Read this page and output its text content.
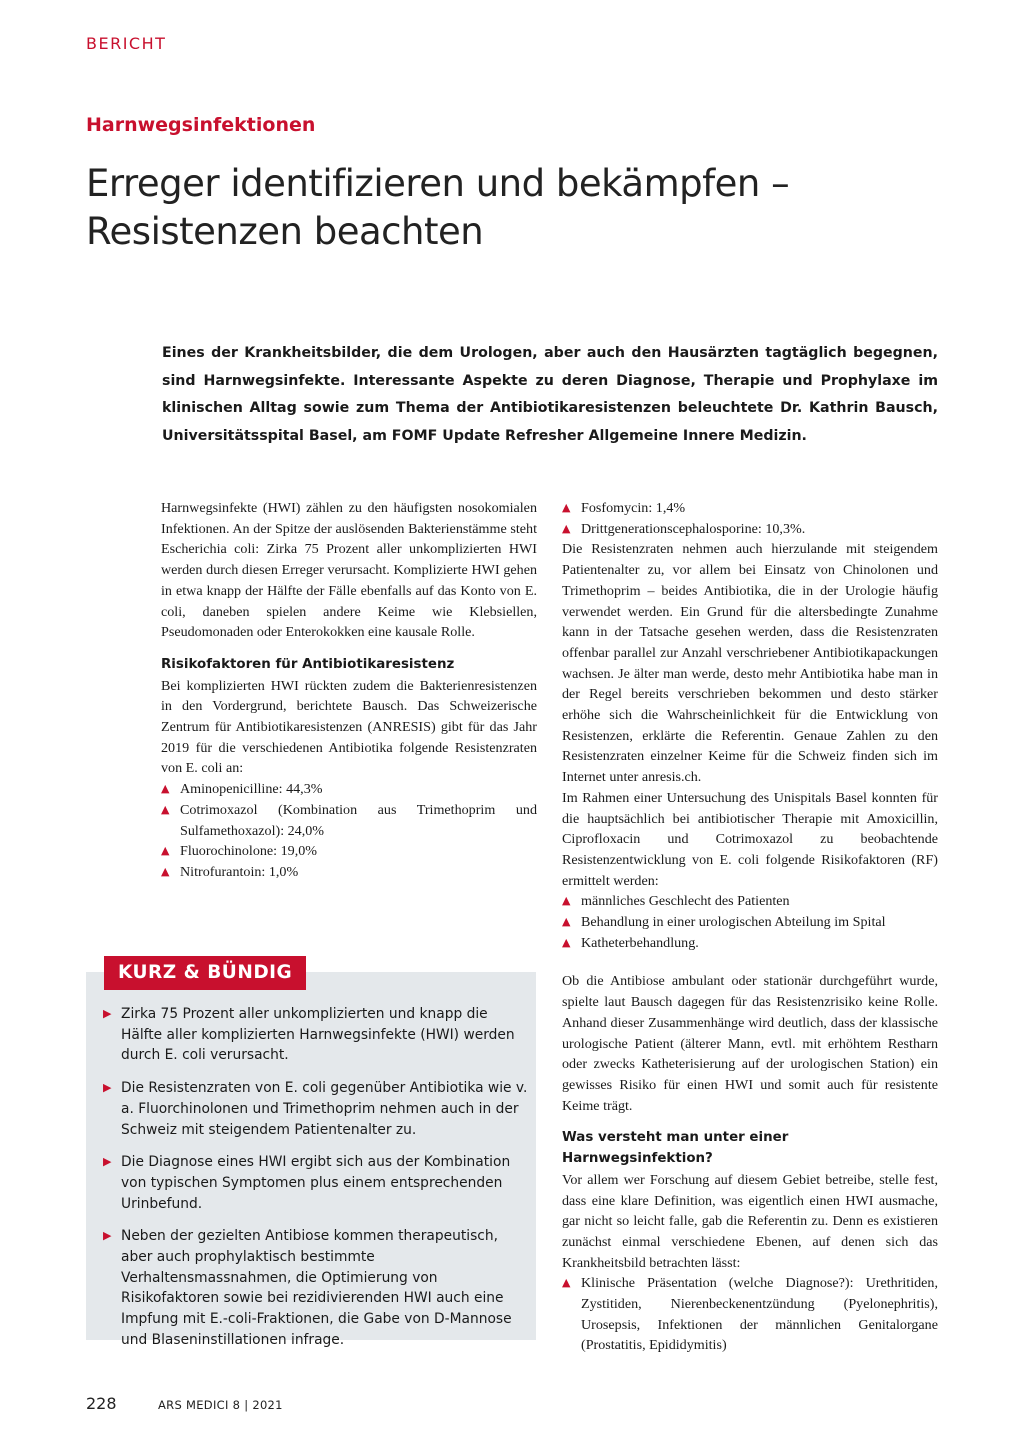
BERICHT
Harnwegsinfektionen
Erreger identifizieren und bekämpfen –
Resistenzen beachten

Eines der Krankheitsbilder, die dem Urologen, aber auch den Hausärzten tagtäglich begegnen, sind Harnwegsinfekte. Interessante Aspekte zu deren Diagnose, Therapie und Prophylaxe im klinischen Alltag sowie zum Thema der Antibiotikaresistenzen beleuchtete Dr. Kathrin Bausch, Universitätsspital Basel, am FOMF Update Refresher Allgemeine Innere Medizin.

Harnwegsinfekte (HWI) zählen zu den häufigsten nosokomialen Infektionen. An der Spitze der auslösenden Bakterienstämme steht Escherichia coli: Zirka 75 Prozent aller unkomplizierten HWI werden durch diesen Erreger verursacht. Komplizierte HWI gehen in etwa knapp der Hälfte der Fälle ebenfalls auf das Konto von E. coli, daneben spielen andere Keime wie Klebsiellen, Pseudomonaden oder Enterokokken eine kausale Rolle.

Risikofaktoren für Antibiotikaresistenz

Bei komplizierten HWI rückten zudem die Bakterienresistenzen in den Vordergrund, berichtete Bausch. Das Schweizerische Zentrum für Antibiotikaresistenzen (ANRESIS) gibt für das Jahr 2019 für die verschiedenen Antibiotika folgende Resistenzraten von E. coli an:

▲ Aminopenicilline: 44,3%
▲ Cotrimoxazol (Kombination aus Trimethoprim und Sulfamethoxazol): 24,0%
▲ Fluorochinolone: 19,0%
▲ Nitrofurantoin: 1,0%
▲ Fosfomycin: 1,4%
▲ Drittgenerationscephalosporine: 10,3%.

Die Resistenzraten nehmen auch hierzulande mit steigendem Patientenalter zu, vor allem bei Einsatz von Chinolonen und Trimethoprim – beides Antibiotika, die in der Urologie häufig verwendet werden. Ein Grund für die altersbedingte Zunahme kann in der Tatsache gesehen werden, dass die Resistenzraten offenbar parallel zur Anzahl verschriebener Antibiotikapackungen wachsen. Je älter man werde, desto mehr Antibiotika habe man in der Regel bereits verschrieben bekommen und desto stärker erhöhe sich die Wahrscheinlichkeit für die Entwicklung von Resistenzen, erklärte die Referentin. Genaue Zahlen zu den Resistenzraten einzelner Keime für die Schweiz finden sich im Internet unter anresis.ch.

Im Rahmen einer Untersuchung des Unispitals Basel konnten für die hauptsächlich bei antibiotischer Therapie mit Amoxicillin, Ciprofloxacin und Cotrimoxazol zu beobachtende Resistenzentwicklung von E. coli folgende Risikofaktoren (RF) ermittelt werden:

▲ männliches Geschlecht des Patienten
▲ Behandlung in einer urologischen Abteilung im Spital
▲ Katheterbehandlung.

Ob die Antibiose ambulant oder stationär durchgeführt wurde, spielte laut Bausch dagegen für das Resistenzrisiko keine Rolle. Anhand dieser Zusammenhänge wird deutlich, dass der klassische urologische Patient (älterer Mann, evtl. mit erhöhtem Restharn oder zwecks Katheterisierung auf der urologischen Station) ein gewisses Risiko für einen HWI und somit auch für resistente Keime trägt.

Was versteht man unter einer Harnwegsinfektion?

Vor allem wer Forschung auf diesem Gebiet betreibe, stelle fest, dass eine klare Definition, was eigentlich einen HWI ausmache, gar nicht so leicht falle, gab die Referentin zu. Denn es existieren zunächst einmal verschiedene Ebenen, auf denen sich das Krankheitsbild betrachten lässt:

▲ Klinische Präsentation (welche Diagnose?): Urethritiden, Zystitiden, Nierenbeckenentzündung (Pyelonephritis), Urosepsis, Infektionen der männlichen Genitalorgane (Prostatitis, Epididymitis)
KURZ & BÜNDIG
▶ Zirka 75 Prozent aller unkomplizierten und knapp die Hälfte aller komplizierten Harnwegsinfekte (HWI) werden durch E. coli verursacht.
▶ Die Resistenzraten von E. coli gegenüber Antibiotika wie v. a. Fluorchinolonen und Trimethoprim nehmen auch in der Schweiz mit steigendem Patientenalter zu.
▶ Die Diagnose eines HWI ergibt sich aus der Kombination von typischen Symptomen plus einem entsprechenden Urinbefund.
▶ Neben der gezielten Antibiose kommen therapeutisch, aber auch prophylaktisch bestimmte Verhaltensmassnahmen, die Optimierung von Risikofaktoren sowie bei rezidivierenden HWI auch eine Impfung mit E.-coli-Fraktionen, die Gabe von D-Mannose und Blaseninstillationen infrage.
228	ARS MEDICI 8 | 2021
